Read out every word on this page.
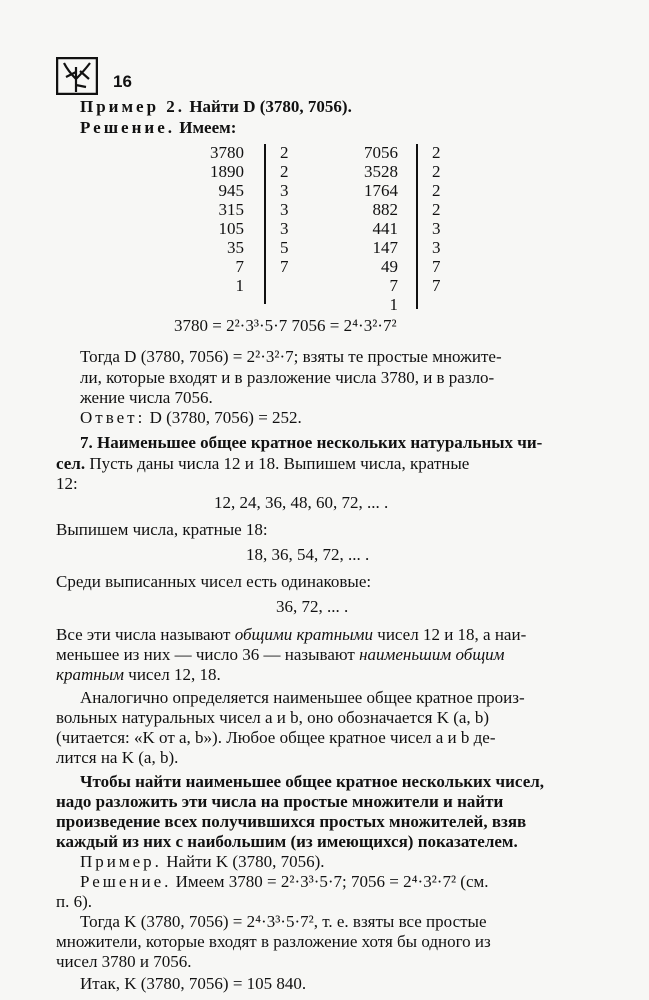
16
Пример 2. Найти D (3780, 7056).
Решение. Имеем:
3780
1890
945
315
105
35
7
1
2
2
3
3
3
5
7
7056
3528
1764
882
441
147
49
7
1
2
2
2
2
3
3
7
7
3780 = 2²·3³·5·7 7056 = 2⁴·3²·7²
Тогда D (3780, 7056) = 2²·3²·7; взяты те простые множите-
ли, которые входят и в разложение числа 3780, и в разло-
жение числа 7056.
Ответ: D (3780, 7056) = 252.
7. Наименьшее общее кратное нескольких натуральных чи-
сел. Пусть даны числа 12 и 18. Выпишем числа, кратные
12:
12, 24, 36, 48, 60, 72, ... .
Выпишем числа, кратные 18:
18, 36, 54, 72, ... .
Среди выписанных чисел есть одинаковые:
36, 72, ... .
Все эти числа называют общими кратными чисел 12 и 18, а наи-
меньшее из них — число 36 — называют наименьшим общим
кратным чисел 12, 18.
Аналогично определяется наименьшее общее кратное произ-
вольных натуральных чисел a и b, оно обозначается K (a, b)
(читается: «K от a, b»). Любое общее кратное чисел a и b де-
лится на K (a, b).
Чтобы найти наименьшее общее кратное нескольких чисел,
надо разложить эти числа на простые множители и найти
произведение всех получившихся простых множителей, взяв
каждый из них с наибольшим (из имеющихся) показателем.
Пример. Найти K (3780, 7056).
Решение. Имеем 3780 = 2²·3³·5·7; 7056 = 2⁴·3²·7² (см.
п. 6).
Тогда K (3780, 7056) = 2⁴·3³·5·7², т. е. взяты все простые
множители, которые входят в разложение хотя бы одного из
чисел 3780 и 7056.
Итак, K (3780, 7056) = 105 840.
